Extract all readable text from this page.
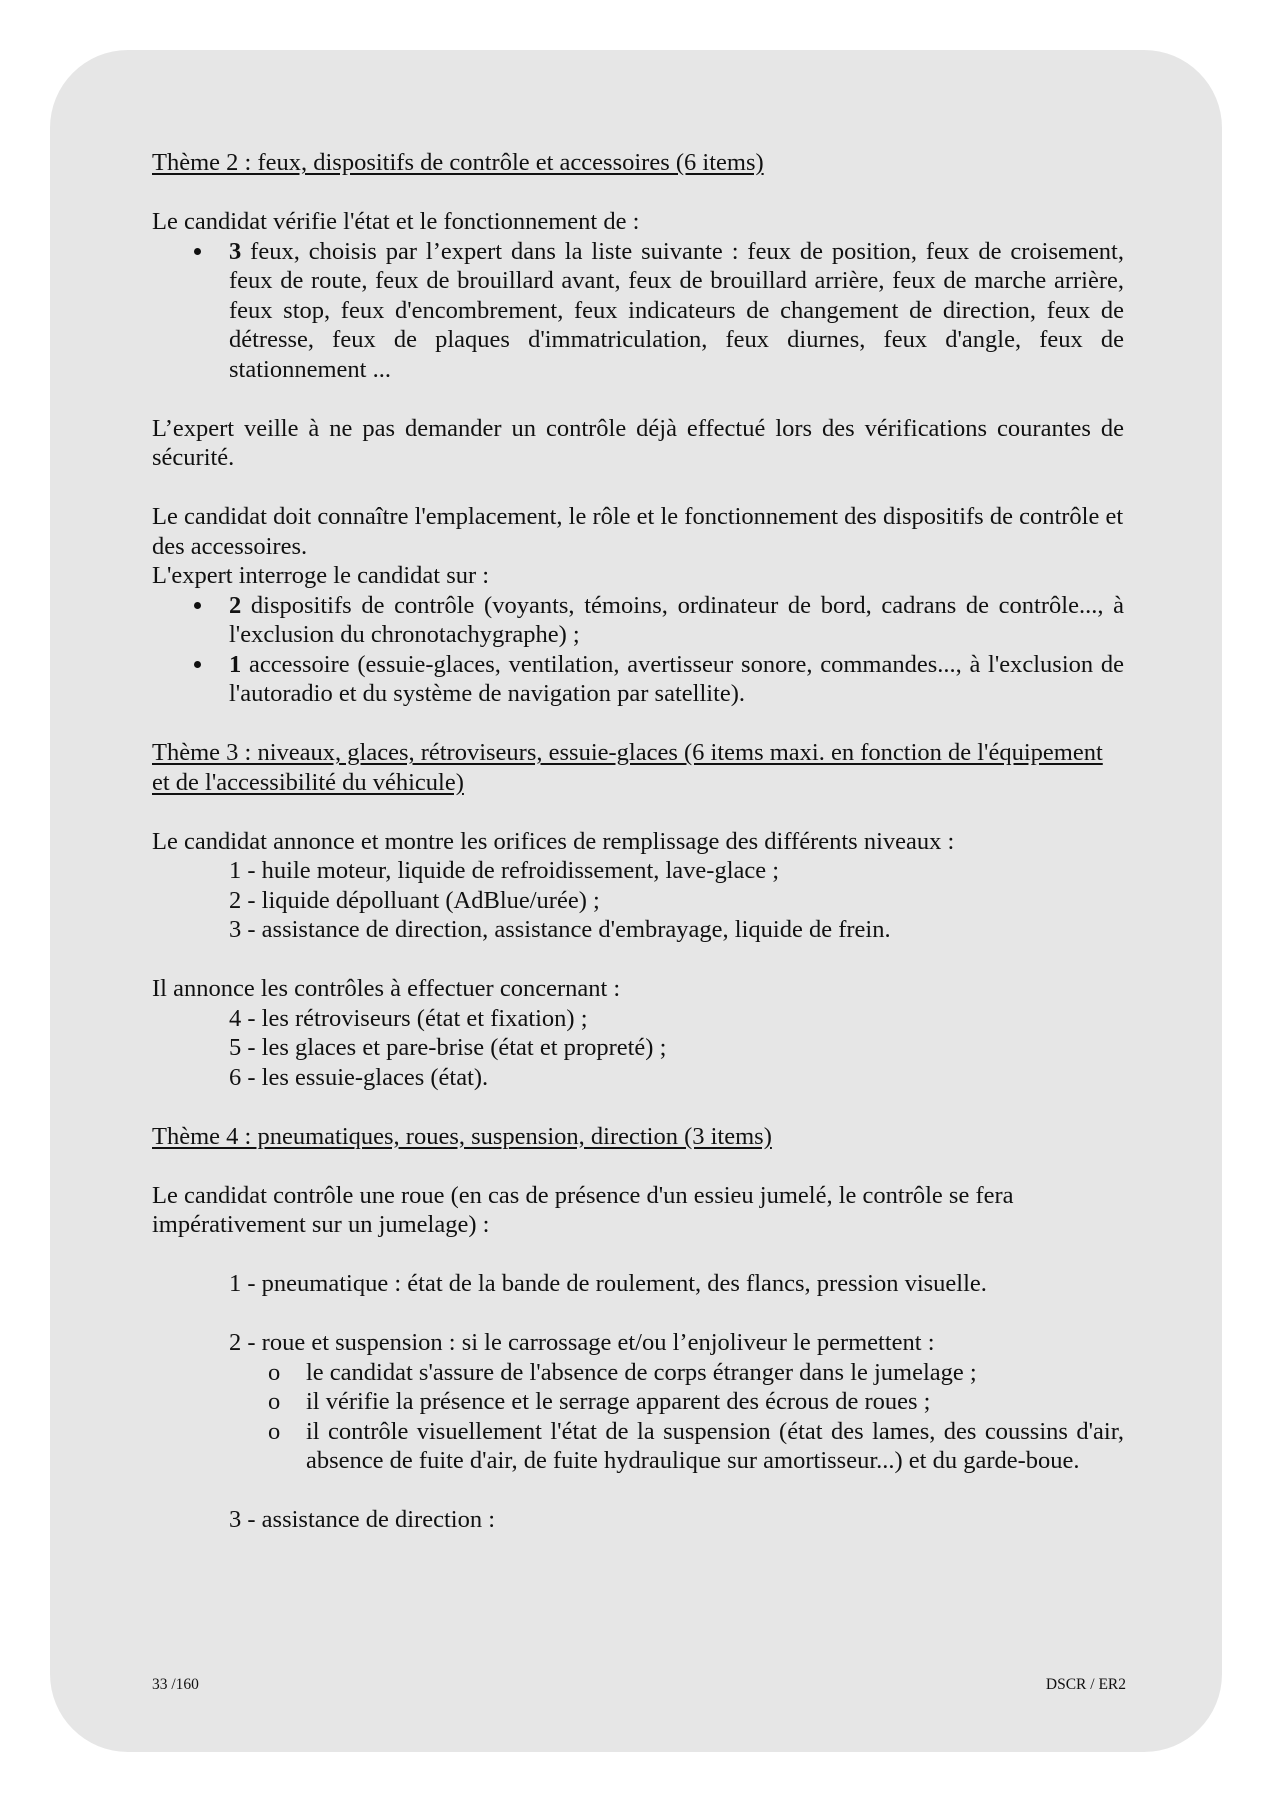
Thème 2 : feux, dispositifs de contrôle et accessoires (6 items)

Le candidat vérifie l'état et le fonctionnement de :

3 feux, choisis par l’expert dans la liste suivante : feux de position, feux de croisement, feux de route, feux de brouillard avant, feux de brouillard arrière, feux de marche arrière, feux stop, feux d'encombrement, feux indicateurs de changement de direction, feux de détresse, feux de plaques d'immatriculation, feux diurnes, feux d'angle, feux de stationnement ...

L’expert veille à ne pas demander un contrôle déjà effectué lors des vérifications courantes de sécurité.

Le candidat doit connaître l'emplacement, le rôle et le fonctionnement des dispositifs de contrôle et des accessoires.

L'expert interroge le candidat sur :

2 dispositifs de contrôle (voyants, témoins, ordinateur de bord, cadrans de contrôle..., à l'exclusion du chronotachygraphe) ;
1 accessoire (essuie-glaces, ventilation, avertisseur sonore, commandes..., à l'exclusion de l'autoradio et du système de navigation par satellite).

Thème 3 : niveaux, glaces, rétroviseurs, essuie-glaces (6 items maxi. en fonction de l'équipement et de l'accessibilité du véhicule)

Le candidat annonce et montre les orifices de remplissage des différents niveaux :

1 - huile moteur, liquide de refroidissement, lave-glace ;

2 - liquide dépolluant (AdBlue/urée) ;

3 - assistance de direction, assistance d'embrayage, liquide de frein.

Il annonce les contrôles à effectuer concernant :

4 - les rétroviseurs (état et fixation) ;

5 - les glaces et pare-brise (état et propreté) ;

6 - les essuie-glaces (état).

Thème 4 : pneumatiques, roues, suspension, direction (3 items)

Le candidat contrôle une roue (en cas de présence d'un essieu jumelé, le contrôle se fera impérativement sur un jumelage) :

1 - pneumatique : état de la bande de roulement, des flancs, pression visuelle.

2 - roue et suspension : si le carrossage et/ou l’enjoliveur le permettent :

o le candidat s'assure de l'absence de corps étranger dans le jumelage ;
o il vérifie la présence et le serrage apparent des écrous de roues ;
o il contrôle visuellement l'état de la suspension (état des lames, des coussins d'air, absence de fuite d'air, de fuite hydraulique sur amortisseur...) et du garde-boue.

3 - assistance de direction :

33 /160	DSCR / ER2
